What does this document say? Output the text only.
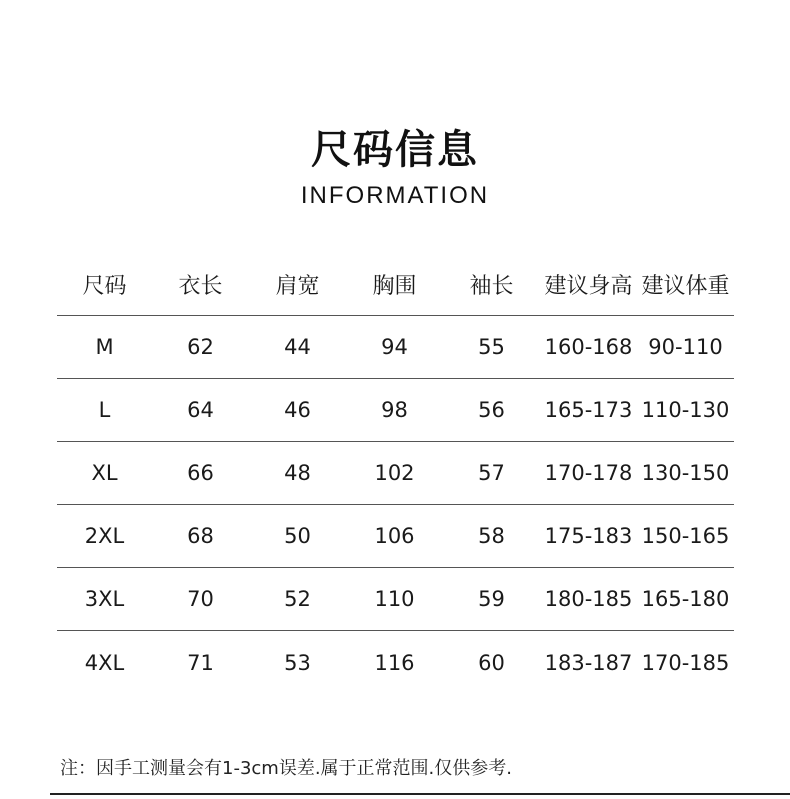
尺码信息
INFORMATION
尺码	衣长	肩宽	胸围	袖长	建议身高 建议体重
M	62	44	94	55	160-168 90-110
L	64	46	98	56	165-173 110-130
XL	66	48	102	57	170-178 130-150
2XL	68	50	106	58	175-183 150-165
3XL	70	52	110	59	180-185 165-180
4XL	71	53	116	60	183-187 170-185
注：因手工测量会有1-3cm误差.属于正常范围.仅供参考.
